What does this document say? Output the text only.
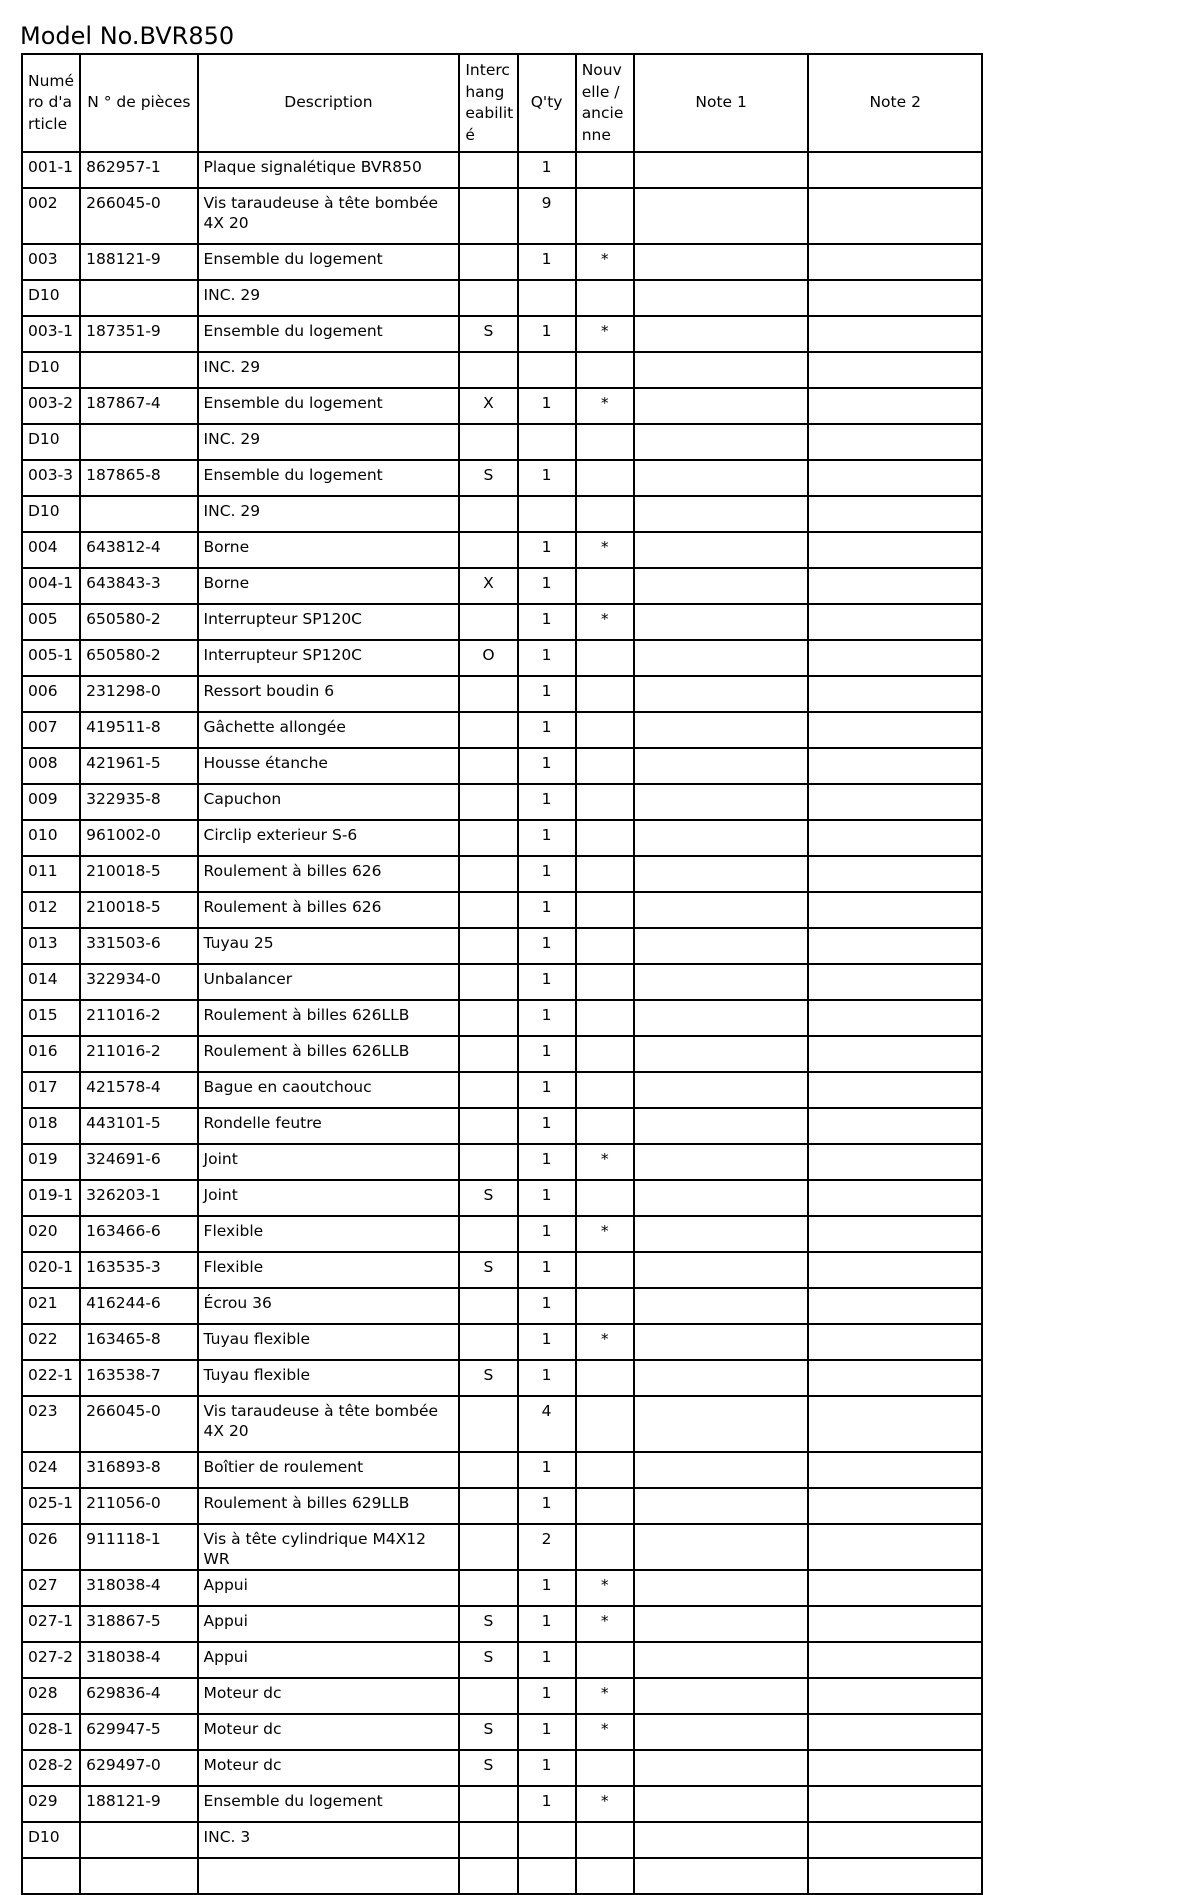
Model No.BVR850
Numé ro d'a rticle	N ° de pièces	Description	Interc hang eabilit é	Q'ty	Nouv elle / ancie nne	Note 1	Note 2
001-1	862957-1	Plaque signalétique BVR850		1			
002	266045-0	Vis taraudeuse à tête bombée 4X 20		9			
003	188121-9	Ensemble du logement		1	*		
D10		INC. 29					
003-1	187351-9	Ensemble du logement	S	1	*		
D10		INC. 29					
003-2	187867-4	Ensemble du logement	X	1	*		
D10		INC. 29					
003-3	187865-8	Ensemble du logement	S	1			
D10		INC. 29					
004	643812-4	Borne		1	*		
004-1	643843-3	Borne	X	1			
005	650580-2	Interrupteur SP120C		1	*		
005-1	650580-2	Interrupteur SP120C	O	1			
006	231298-0	Ressort boudin 6		1			
007	419511-8	Gâchette allongée		1			
008	421961-5	Housse étanche		1			
009	322935-8	Capuchon		1			
010	961002-0	Circlip exterieur S-6		1			
011	210018-5	Roulement à billes 626		1			
012	210018-5	Roulement à billes 626		1			
013	331503-6	Tuyau 25		1			
014	322934-0	Unbalancer		1			
015	211016-2	Roulement à billes 626LLB		1			
016	211016-2	Roulement à billes 626LLB		1			
017	421578-4	Bague en caoutchouc		1			
018	443101-5	Rondelle feutre		1			
019	324691-6	Joint		1	*		
019-1	326203-1	Joint	S	1			
020	163466-6	Flexible		1	*		
020-1	163535-3	Flexible	S	1			
021	416244-6	Écrou 36		1			
022	163465-8	Tuyau flexible		1	*		
022-1	163538-7	Tuyau flexible	S	1			
023	266045-0	Vis taraudeuse à tête bombée 4X 20		4			
024	316893-8	Boîtier de roulement		1			
025-1	211056-0	Roulement à billes 629LLB		1			
026	911118-1	Vis à tête cylindrique M4X12 WR		2			
027	318038-4	Appui		1	*		
027-1	318867-5	Appui	S	1	*		
027-2	318038-4	Appui	S	1			
028	629836-4	Moteur dc		1	*		
028-1	629947-5	Moteur dc	S	1	*		
028-2	629497-0	Moteur dc	S	1			
029	188121-9	Ensemble du logement		1	*		
D10		INC. 3					
